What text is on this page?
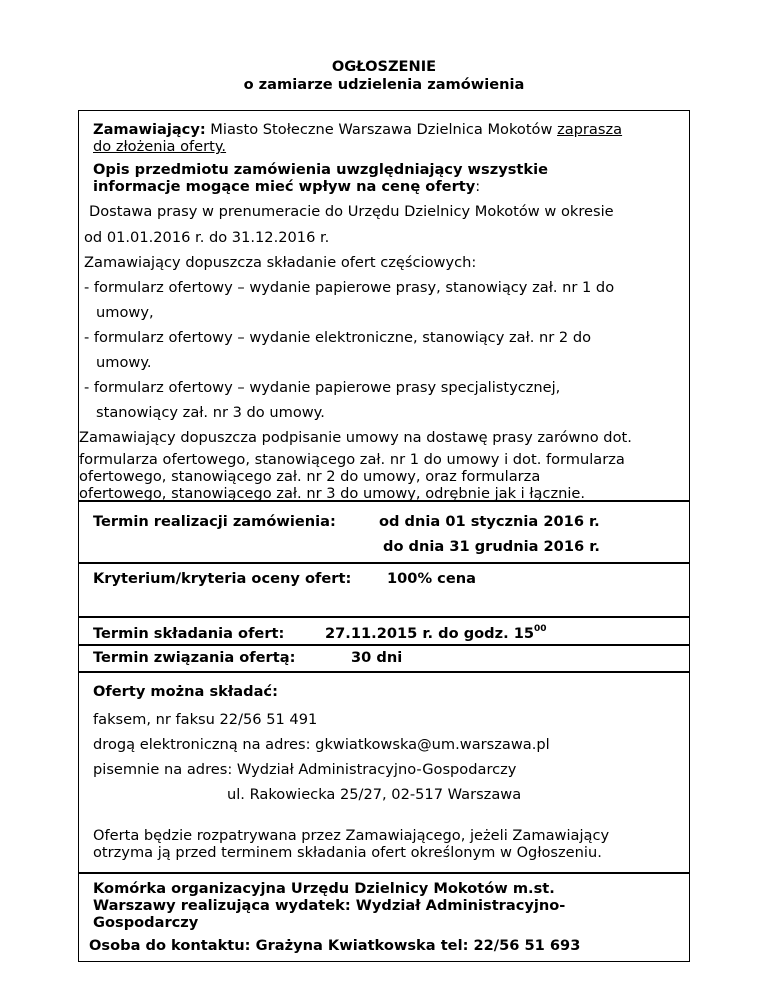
OGŁOSZENIE
o zamiarze udzielenia zamówienia
Zamawiający: Miasto Stołeczne Warszawa Dzielnica Mokotów zaprasza
do złożenia oferty.
Opis przedmiotu zamówienia uwzględniający wszystkie
informacje mogące mieć wpływ na cenę oferty:
Dostawa prasy w prenumeracie do Urzędu Dzielnicy Mokotów w okresie
od 01.01.2016 r. do 31.12.2016 r.
Zamawiający dopuszcza składanie ofert częściowych:
- formularz ofertowy – wydanie papierowe prasy, stanowiący zał. nr 1 do
umowy,
- formularz ofertowy – wydanie elektroniczne, stanowiący zał. nr 2 do
umowy.
- formularz ofertowy – wydanie papierowe prasy specjalistycznej,
stanowiący zał. nr 3 do umowy.
Zamawiający dopuszcza podpisanie umowy na dostawę prasy zarówno dot.
formularza ofertowego, stanowiącego zał. nr 1 do umowy i dot. formularza
ofertowego, stanowiącego zał. nr 2 do umowy, oraz formularza
ofertowego, stanowiącego zał. nr 3 do umowy, odrębnie jak i łącznie.
Termin realizacji zamówienia:	od dnia 01 stycznia 2016 r.
do dnia 31 grudnia 2016 r.
Kryterium/kryteria oceny ofert: 100% cena
Termin składania ofert:	27.11.2015 r. do godz. $15^{00}$
Termin związania ofertą:	30 dni
Oferty można składać:
faksem, nr faksu 22/56 51 491
drogą elektroniczną na adres: gkwiatkowska@um.warszawa.pl
pisemnie na adres: Wydział Administracyjno-Gospodarczy
ul. Rakowiecka 25/27, 02-517 Warszawa
Oferta będzie rozpatrywana przez Zamawiającego, jeżeli Zamawiający
otrzyma ją przed terminem składania ofert określonym w Ogłoszeniu.
Komórka organizacyjna Urzędu Dzielnicy Mokotów m.st.
Warszawy realizująca wydatek: Wydział Administracyjno-
Gospodarczy
Osoba do kontaktu: Grażyna Kwiatkowska tel: 22/56 51 693
